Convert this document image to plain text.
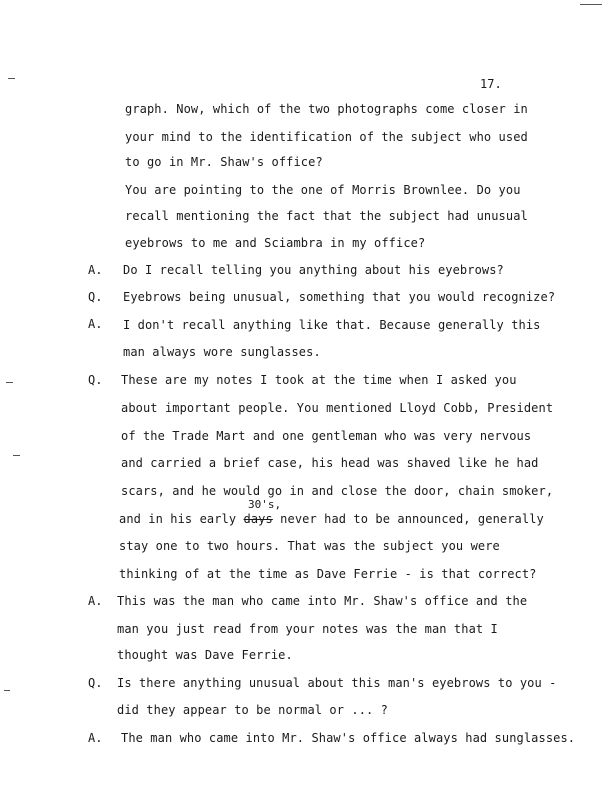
17.
A.
Q.
A.
Q.
A.
Q.
A.
graph. Now, which of the two photographs come closer in
your mind to the identification of the subject who used
to go in Mr. Shaw's office?
You are pointing to the one of Morris Brownlee. Do you
recall mentioning the fact that the subject had unusual
eyebrows to me and Sciambra in my office?
Do I recall telling you anything about his eyebrows?
Eyebrows being unusual, something that you would recognize?
I don't recall anything like that. Because generally this
man always wore sunglasses.
These are my notes I took at the time when I asked you
about important people. You mentioned Lloyd Cobb, President
of the Trade Mart and one gentleman who was very nervous
and carried a brief case, his head was shaved like he had
scars, and he would go in and close the door, chain smoker,
30's,
and in his early days never had to be announced, generally
stay one to two hours. That was the subject you were
thinking of at the time as Dave Ferrie - is that correct?
This was the man who came into Mr. Shaw's office and the
man you just read from your notes was the man that I
thought was Dave Ferrie.
Is there anything unusual about this man's eyebrows to you -
did they appear to be normal or ... ?
The man who came into Mr. Shaw's office always had sunglasses.
